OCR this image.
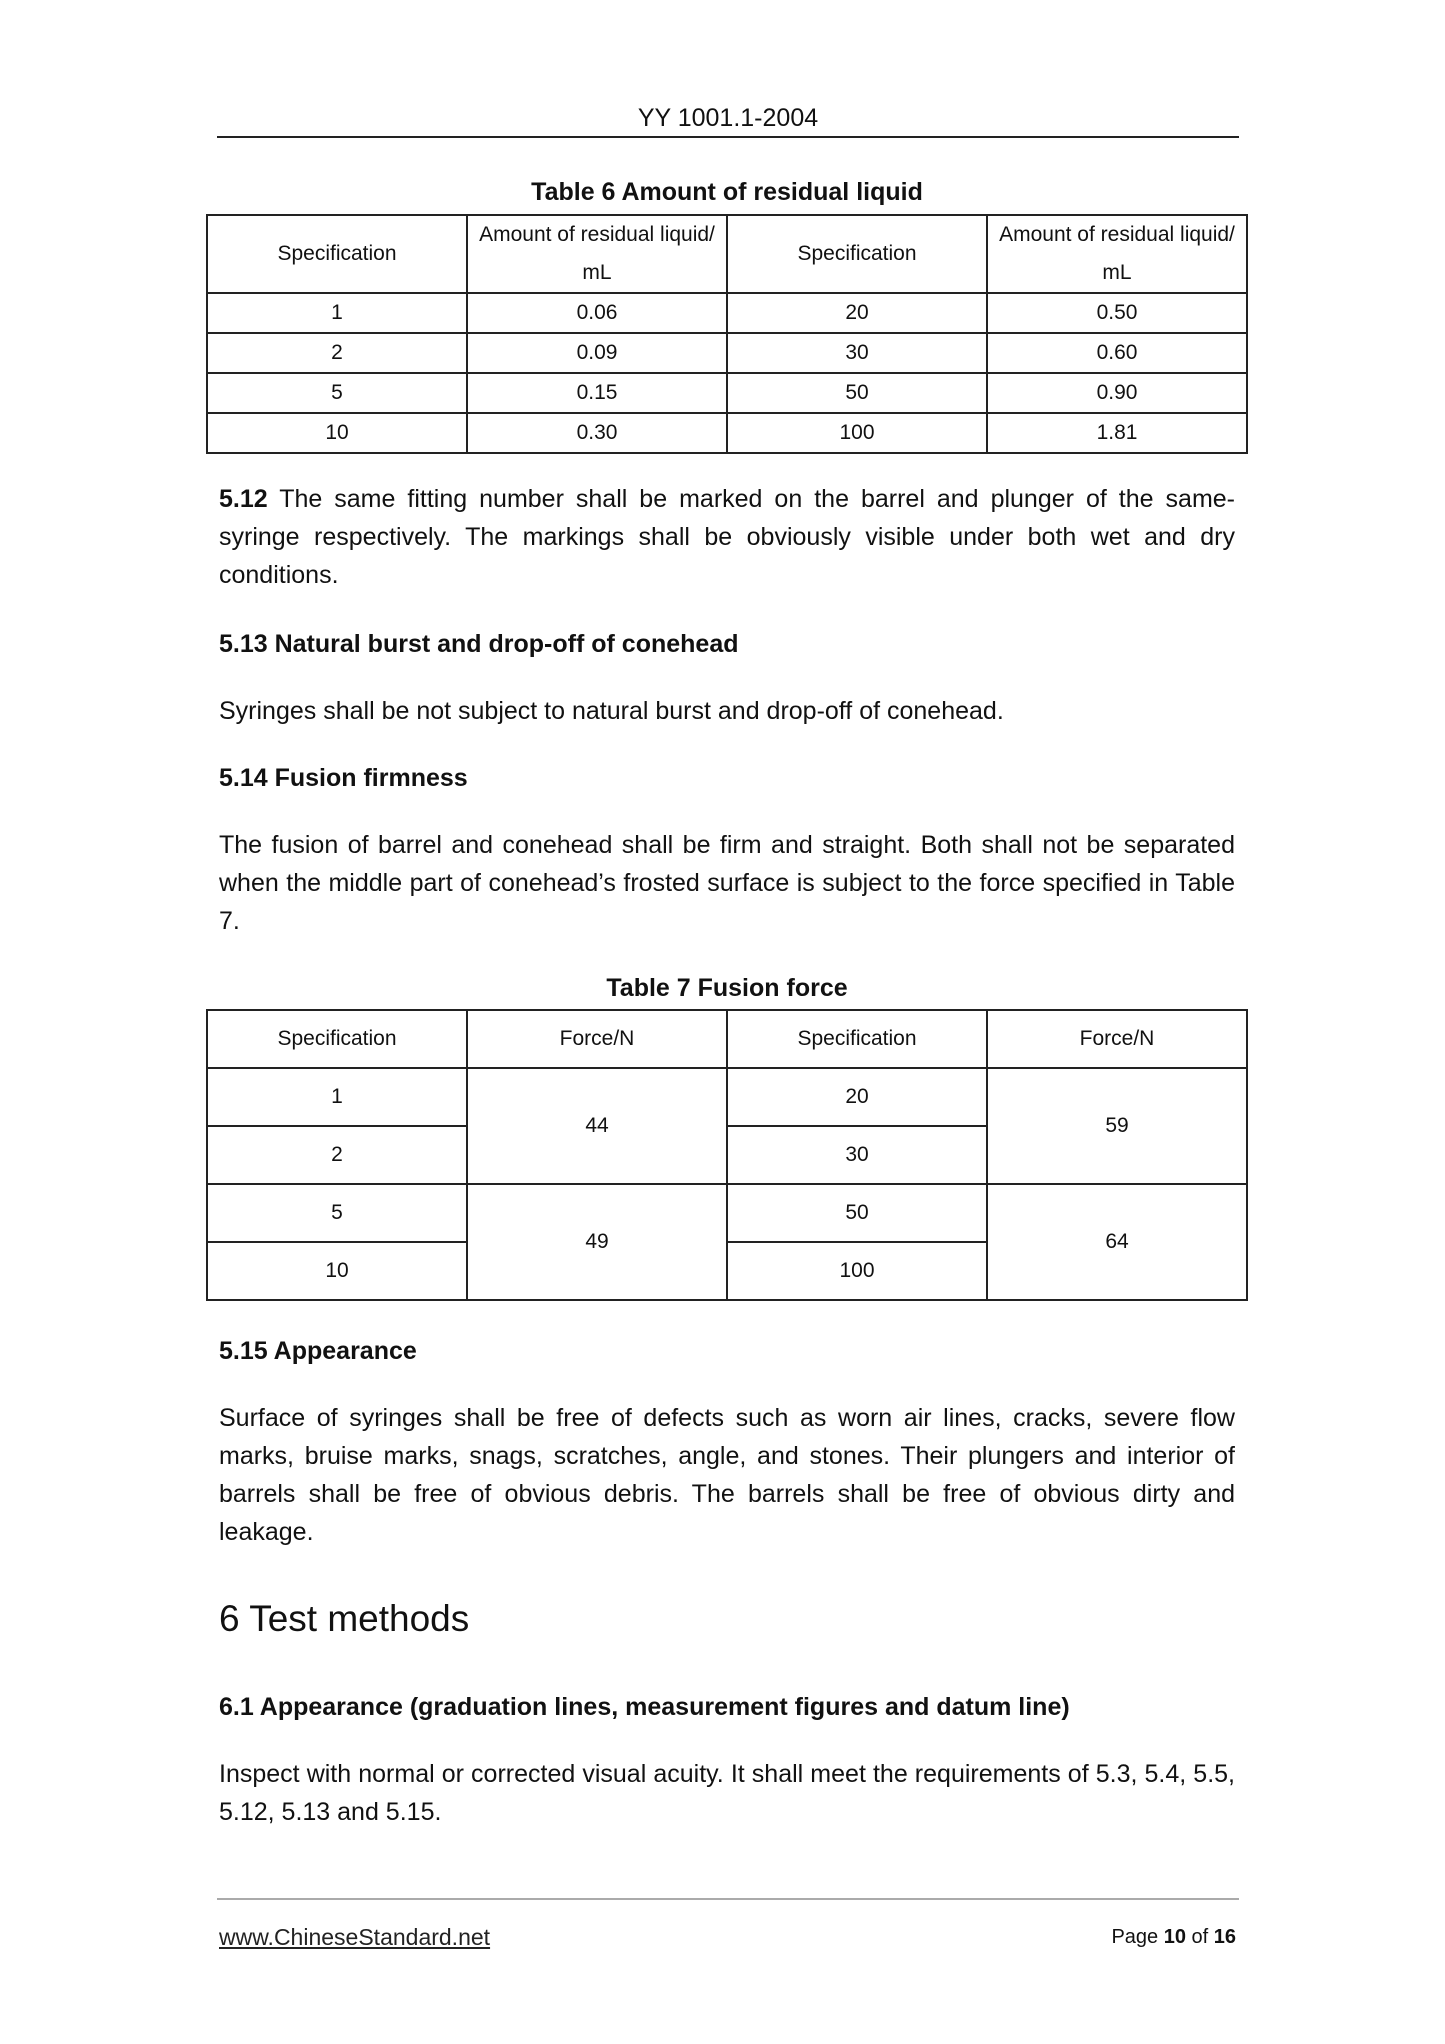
YY 1001.1-2004
Table 6 Amount of residual liquid
Specification	Amount of residual liquid/ mL	Specification	Amount of residual liquid/ mL
1	0.06	20	0.50
2	0.09	30	0.60
5	0.15	50	0.90
10	0.30	100	1.81
5.12 The same fitting number shall be marked on the barrel and plunger of the same-syringe respectively. The markings shall be obviously visible under both wet and dry conditions.
5.13 Natural burst and drop-off of conehead
Syringes shall be not subject to natural burst and drop-off of conehead.
5.14 Fusion firmness
The fusion of barrel and conehead shall be firm and straight. Both shall not be separated when the middle part of conehead’s frosted surface is subject to the force specified in Table 7.
Table 7 Fusion force
Specification	Force/N	Specification	Force/N
1	44	20	59
2		30	
5	49	50	64
10		100	
5.15 Appearance
Surface of syringes shall be free of defects such as worn air lines, cracks, severe flow marks, bruise marks, snags, scratches, angle, and stones. Their plungers and interior of barrels shall be free of obvious debris. The barrels shall be free of obvious dirty and leakage.
6 Test methods
6.1 Appearance (graduation lines, measurement figures and datum line)
Inspect with normal or corrected visual acuity. It shall meet the requirements of 5.3, 5.4, 5.5, 5.12, 5.13 and 5.15.
www.ChineseStandard.net	Page 10 of 16
